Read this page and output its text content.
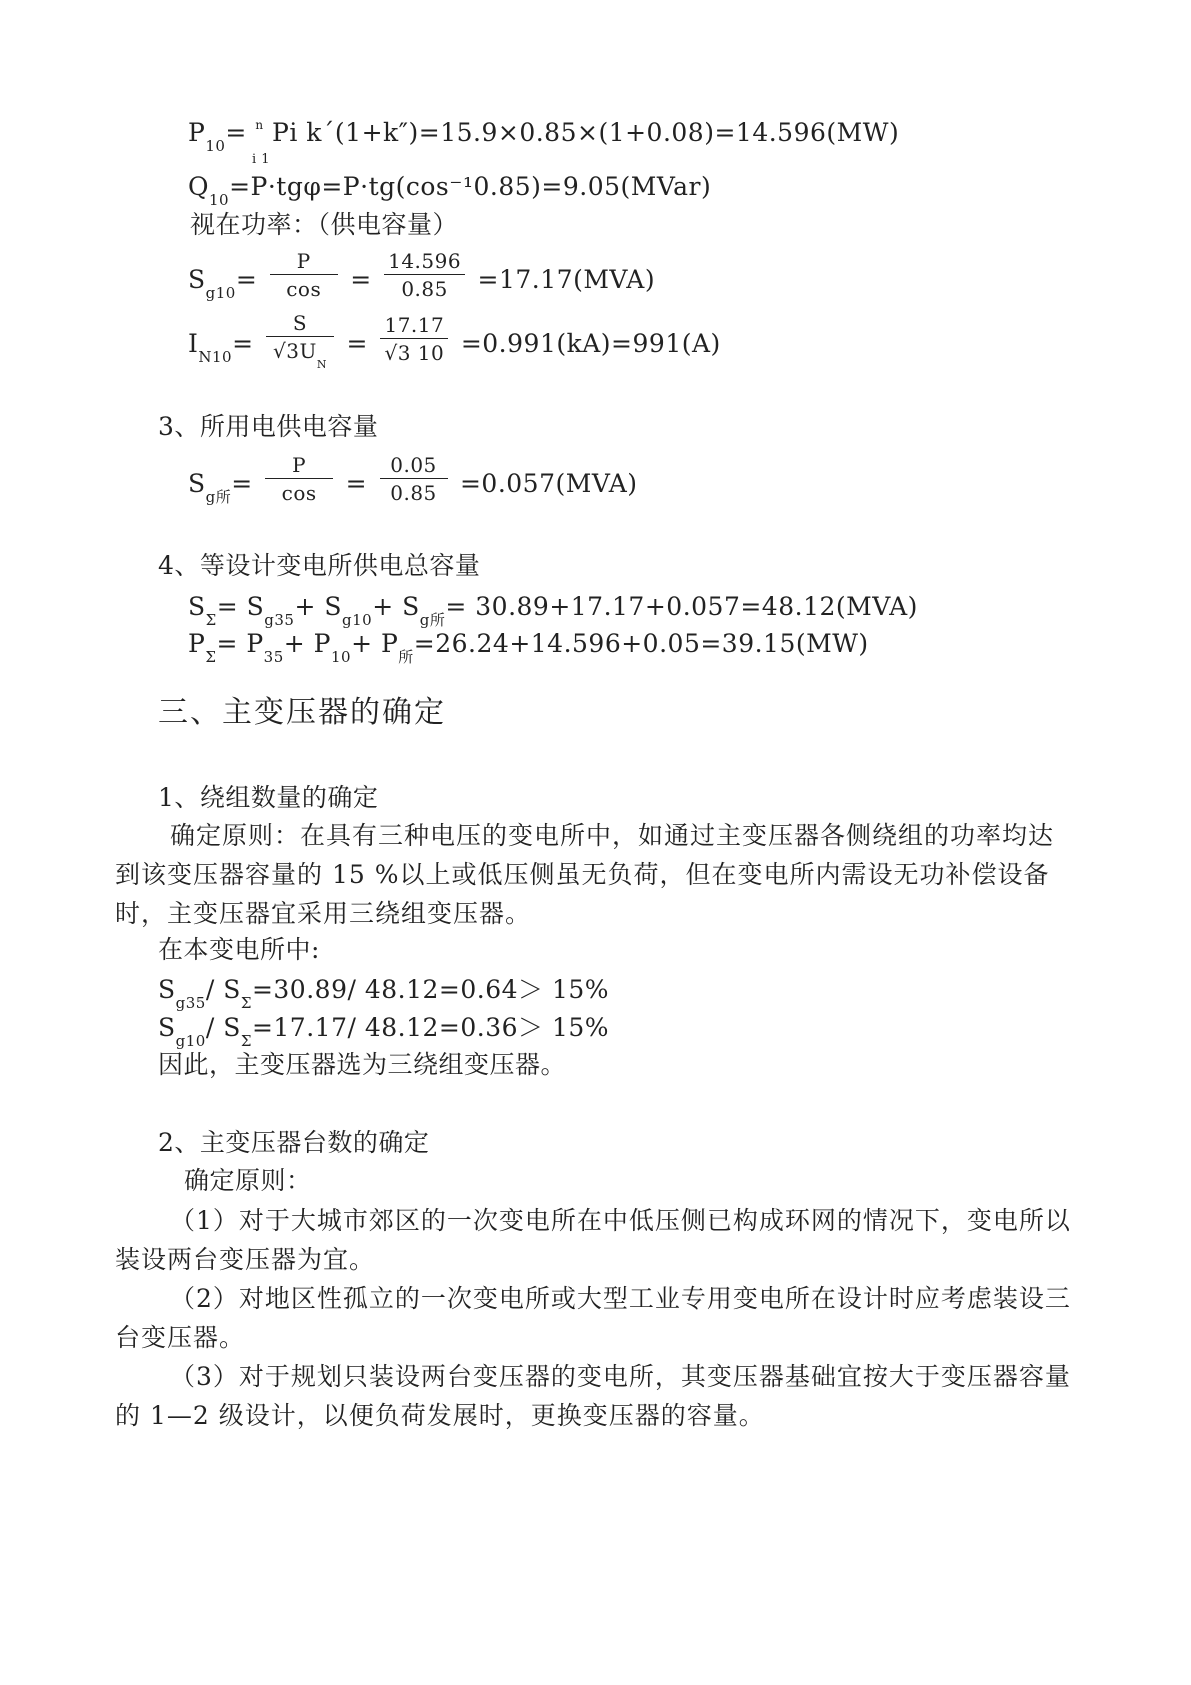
$P_{10}= ^n$ Pi k´(1+k″)=15.9×0.85×(1+0.08)=14.596(MW)
i 1
$Q_{10}=P\cdot tg\varphi=P\cdot tg(\cos^{-1}0.85)=9.05(MVar)$
视在功率：（供电容量）
$S_{g10}= \frac{P}{\cos} = \frac{14.596}{0.85} =17.17(MVA)$
$I_{N10}= \frac{S}{√3U_N} = \frac{17.17}{√3 10} =0.991(kA)=991(A)$
3、所用电供电容量
$S_{g所}= \frac{P}{\cos} = \frac{0.05}{0.85} =0.057(MVA)$
4、等设计变电所供电总容量
$S_\Sigma= S_{g35}+ S_{g10}+ S_{g所}= 30.89+17.17+0.057=48.12(MVA)$
$P_\Sigma= P_{35}+ P_{10}+ P_所=26.24+14.596+0.05=39.15(MW)$
三、主变压器的确定
1、绕组数量的确定
确定原则：在具有三种电压的变电所中，如通过主变压器各侧绕组的功率均达到该变压器容量的 15 %以上或低压侧虽无负荷，但在变电所内需设无功补偿设备时，主变压器宜采用三绕组变压器。
在本变电所中:
$S_{g35}/$ $S_\Sigma=30.89/$ 48.12=0.64＞ 15%
$S_{g10}/$ $S_\Sigma=17.17/$ 48.12=0.36＞ 15%
因此，主变压器选为三绕组变压器。
2、主变压器台数的确定
确定原则：
（1）对于大城市郊区的一次变电所在中低压侧已构成环网的情况下，变电所以装设两台变压器为宜。
（2）对地区性孤立的一次变电所或大型工业专用变电所在设计时应考虑装设三台变压器。
（3）对于规划只装设两台变压器的变电所，其变压器基础宜按大于变压器容量的 1—2 级设计，以便负荷发展时，更换变压器的容量。
